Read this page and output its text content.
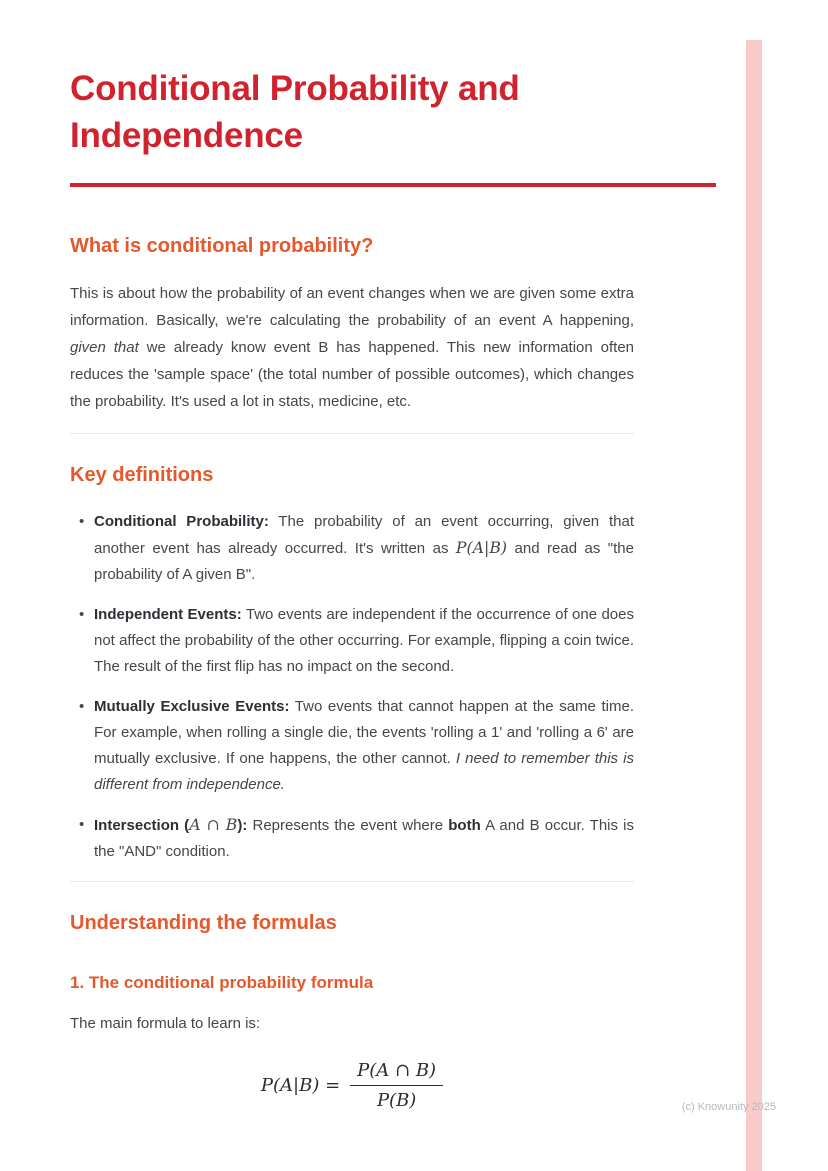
Conditional Probability and Independence
What is conditional probability?

This is about how the probability of an event changes when we are given some extra information. Basically, we're calculating the probability of an event A happening, given that we already know event B has happened. This new information often reduces the 'sample space' (the total number of possible outcomes), which changes the probability. It's used a lot in stats, medicine, etc.

Key definitions
• Conditional Probability: The probability of an event occurring, given that another event has already occurred. It's written as P(A|B) and read as "the probability of A given B".
• Independent Events: Two events are independent if the occurrence of one does not affect the probability of the other occurring. For example, flipping a coin twice. The result of the first flip has no impact on the second.
• Mutually Exclusive Events: Two events that cannot happen at the same time. For example, when rolling a single die, the events 'rolling a 1' and 'rolling a 6' are mutually exclusive. If one happens, the other cannot. I need to remember this is different from independence.
• Intersection (A ∩ B): Represents the event where both A and B occur. This is the "AND" condition.
Understanding the formulas
1. The conditional probability formula

The main formula to learn is:

$P(A|B) = \frac{P(A \cap B)}{P(B)}$	(c) Knowunity 2025
